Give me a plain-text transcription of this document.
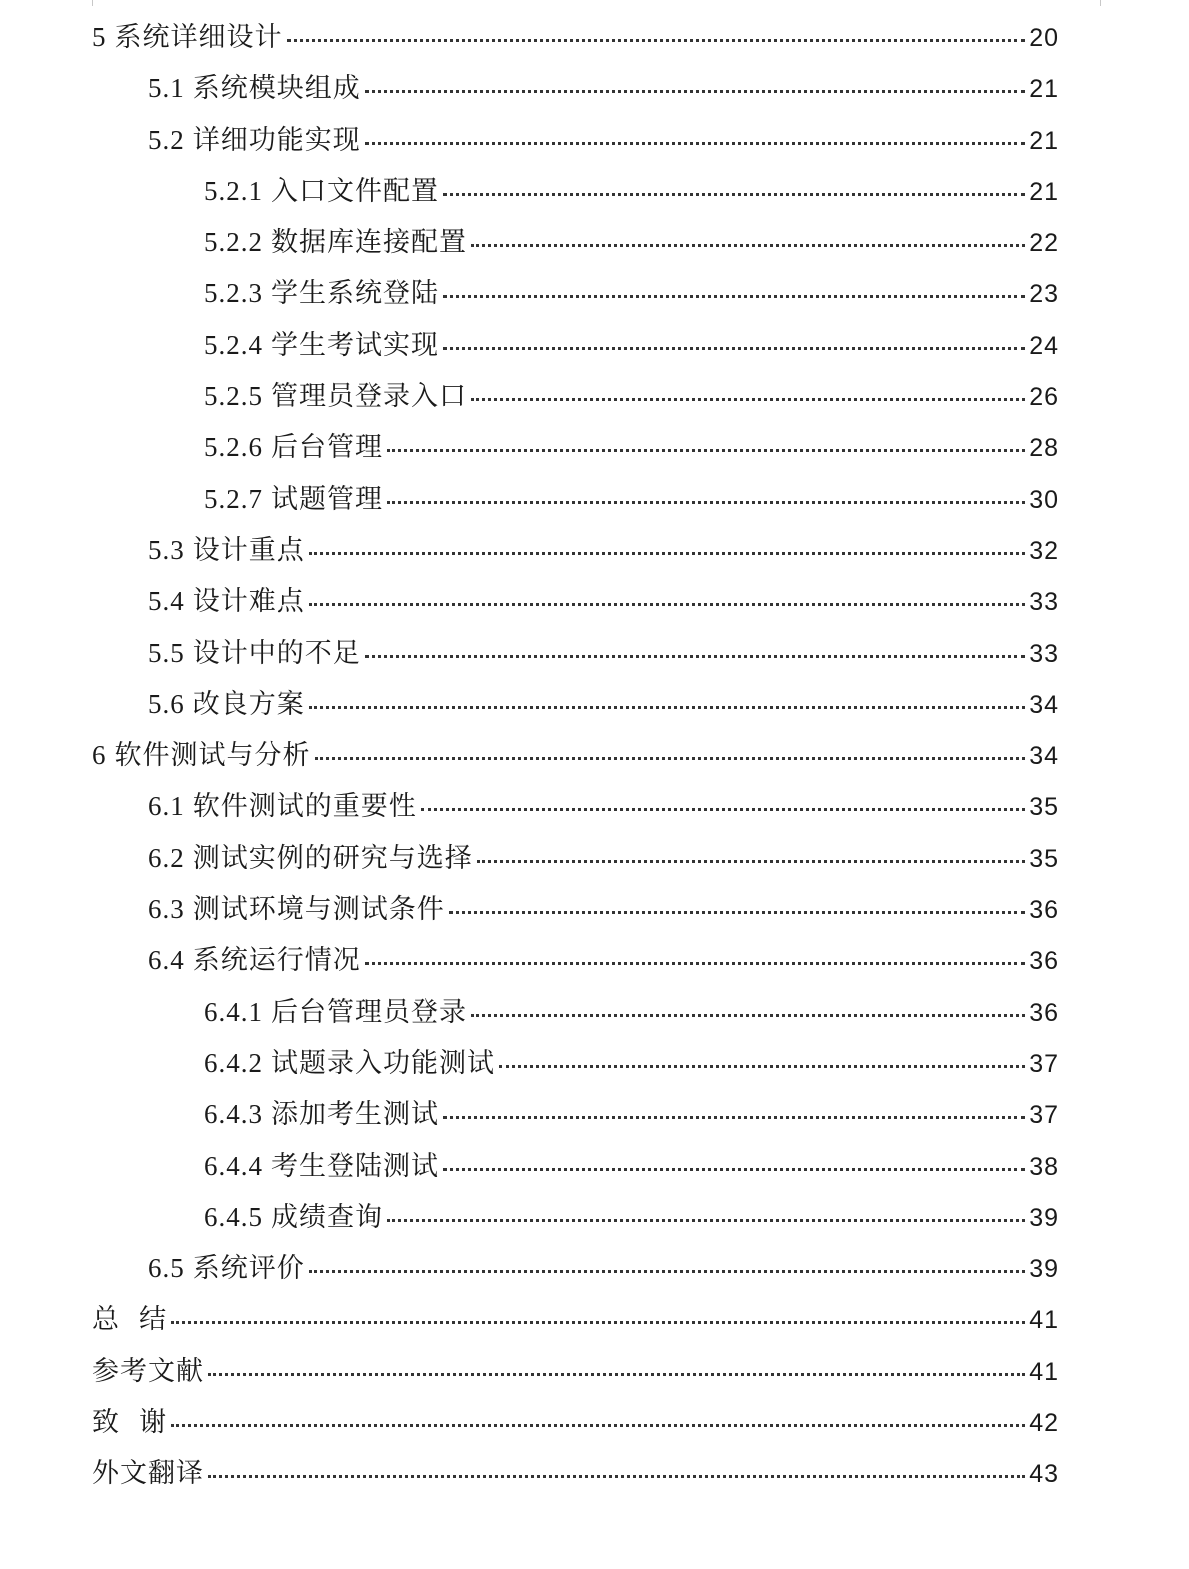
5 系统详细设计	20
5.1 系统模块组成	21
5.2 详细功能实现	21
5.2.1 入口文件配置	21
5.2.2 数据库连接配置	22
5.2.3 学生系统登陆	23
5.2.4 学生考试实现	24
5.2.5 管理员登录入口	26
5.2.6 后台管理	28
5.2.7 试题管理	30
5.3 设计重点	32
5.4 设计难点	33
5.5 设计中的不足	33
5.6 改良方案	34
6 软件测试与分析	34
6.1 软件测试的重要性	35
6.2 测试实例的研究与选择	35
6.3 测试环境与测试条件	36
6.4 系统运行情况	36
6.4.1 后台管理员登录	36
6.4.2 试题录入功能测试	37
6.4.3 添加考生测试	37
6.4.4 考生登陆测试	38
6.4.5 成绩查询	39
6.5 系统评价	39
总  结	41
参考文献	41
致  谢	42
外文翻译	43
